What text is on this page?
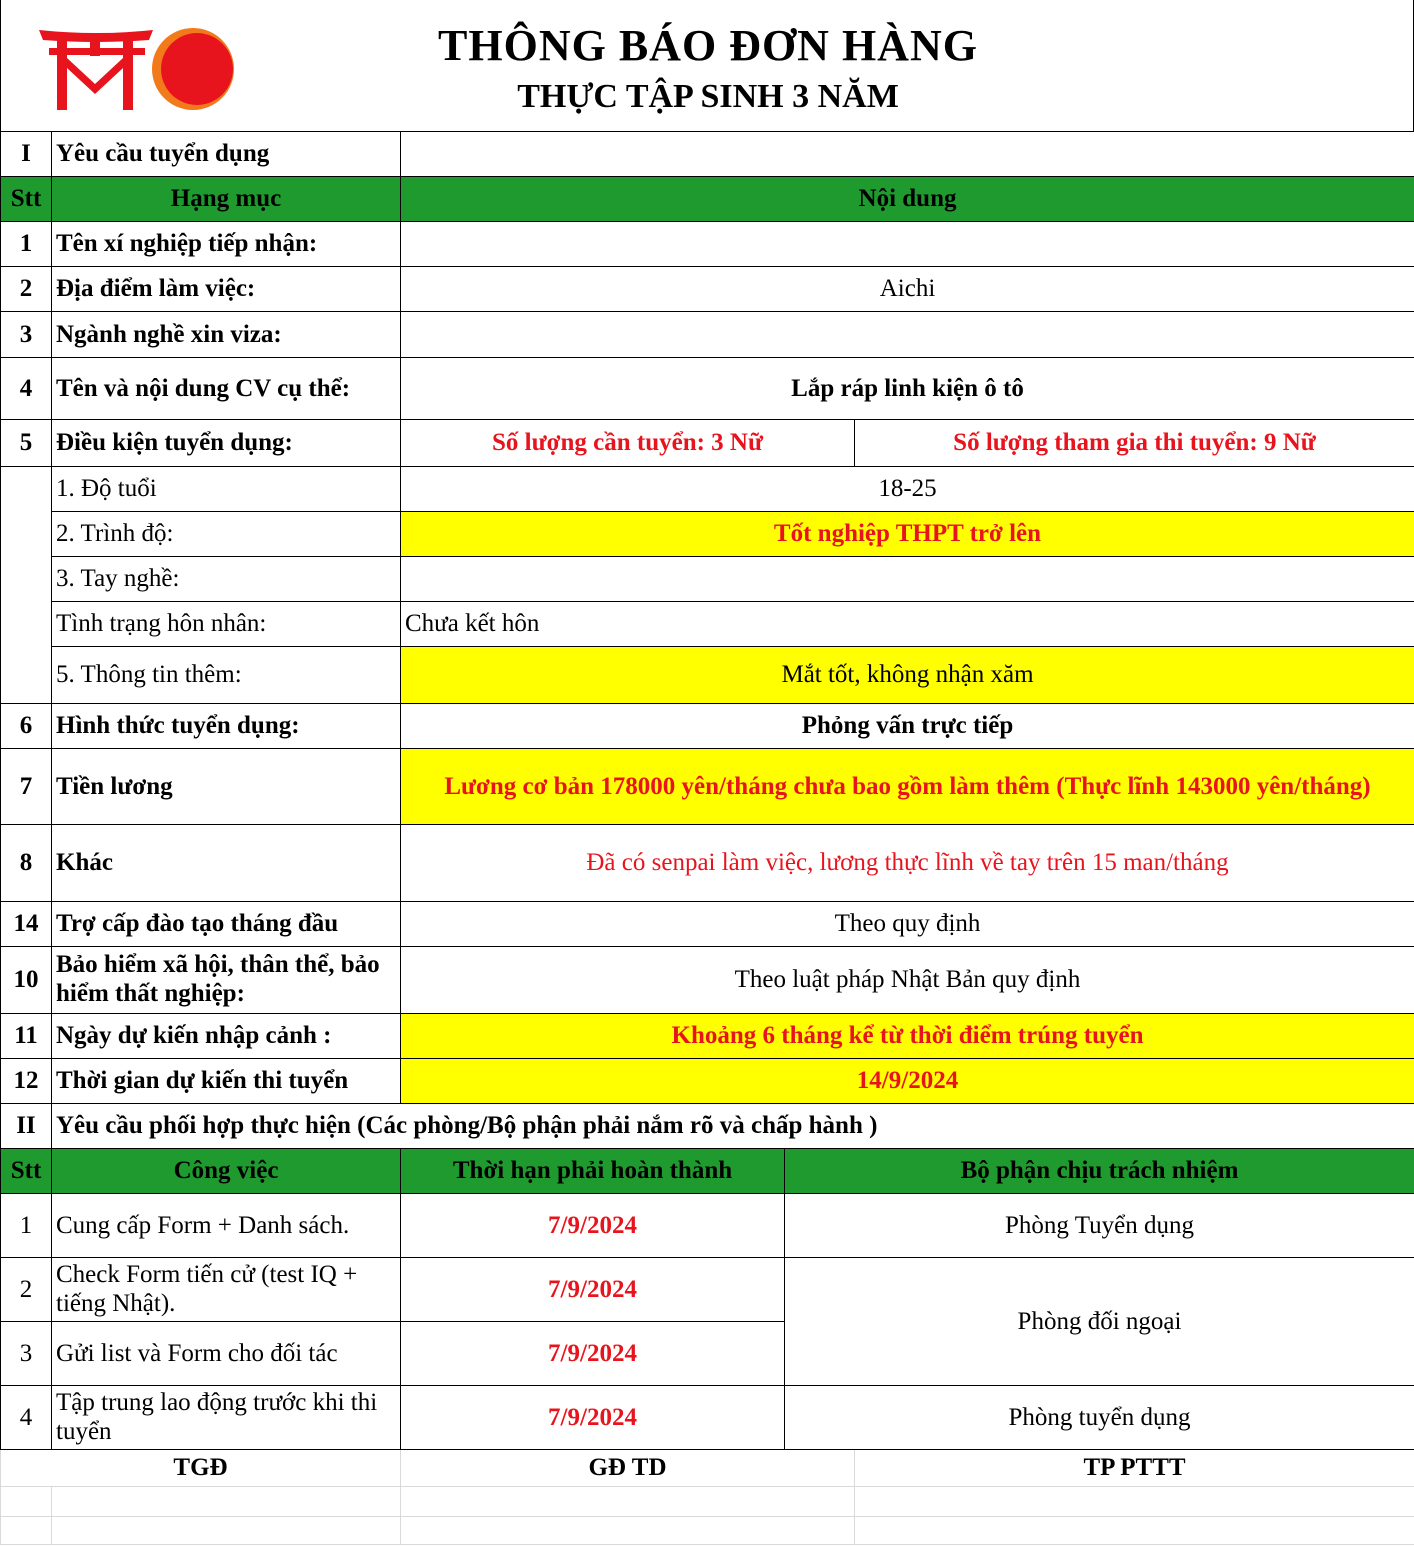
THÔNG BÁO ĐƠN HÀNG
THỰC TẬP SINH 3 NĂM
I	Yêu cầu tuyển dụng			
Stt	Hạng mục	Nội dung		
1	Tên xí nghiệp tiếp nhận:			
2	Địa điểm làm việc:	Aichi		
3	Ngành nghề xin viza:			
4	Tên và nội dung CV cụ thể:	Lắp ráp linh kiện ô tô		
5	Điều kiện tuyển dụng:	Số lượng cần tuyển: 3 Nữ		Số lượng tham gia thi tuyển: 9 Nữ
	1. Độ tuổi	18-25		
	2. Trình độ:	Tốt nghiệp THPT trở lên		
	3. Tay nghề:			
	Tình trạng hôn nhân:	Chưa kết hôn		
	5. Thông tin thêm:	Mắt tốt, không nhận xăm		
6	Hình thức tuyển dụng:	Phỏng vấn trực tiếp		
7	Tiền lương	Lương cơ bản 178000 yên/tháng chưa bao gồm làm thêm (Thực lĩnh 143000 yên/tháng)		
8	Khác	Đã có senpai làm việc, lương thực lĩnh về tay trên 15 man/tháng		
14	Trợ cấp đào tạo tháng đầu	Theo quy định		
10	Bảo hiểm xã hội, thân thể, bảo hiểm thất nghiệp:	Theo luật pháp Nhật Bản quy định		
11	Ngày dự kiến nhập cảnh :	Khoảng 6 tháng kể từ thời điểm trúng tuyển		
12	Thời gian dự kiến thi tuyển	14/9/2024		
II	Yêu cầu phối hợp thực hiện (Các phòng/Bộ phận phải nắm rõ và chấp hành )			
Stt	Công việc	Thời hạn phải hoàn thành	Bộ phận chịu trách nhiệm	
1	Cung cấp Form + Danh sách.	7/9/2024	Phòng Tuyển dụng	
2	Check Form tiến cử (test IQ + tiếng Nhật).	7/9/2024	Phòng đối ngoại	
3	Gửi list và Form cho đối tác	7/9/2024		
4	Tập trung lao động trước khi thi tuyển	7/9/2024	Phòng tuyển dụng	
TGĐ		GĐ TD		TP PTTT
